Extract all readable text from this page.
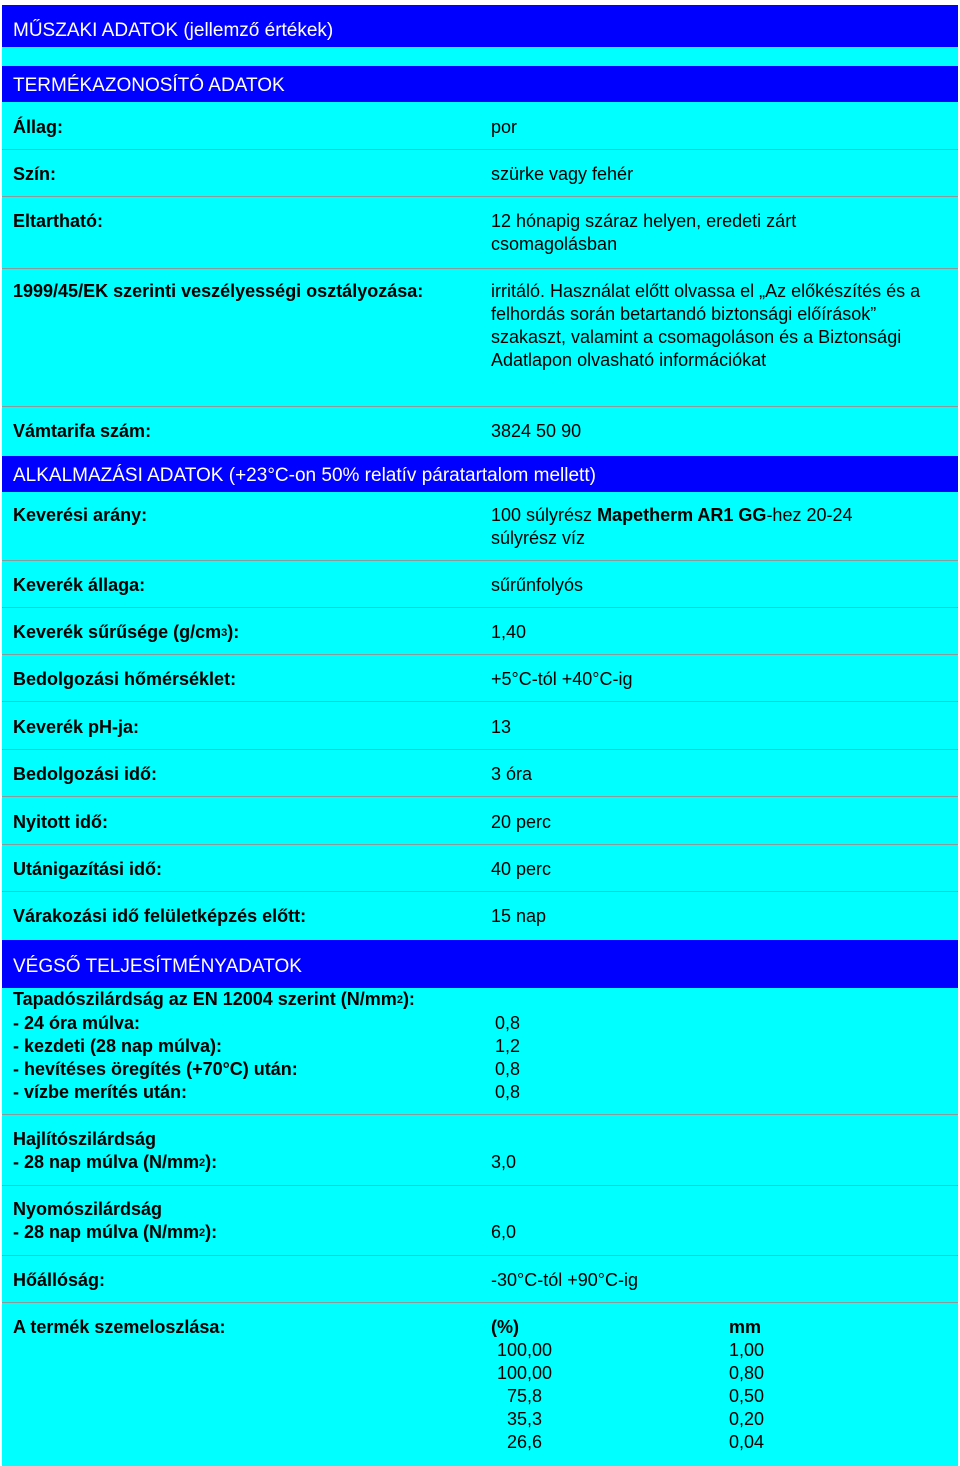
MŰSZAKI ADATOK (jellemző értékek)
TERMÉKAZONOSÍTÓ ADATOK
Állag:	por
Szín:	szürke vagy fehér
Eltartható:	12 hónapig száraz helyen, eredeti zárt csomagolásban
1999/45/EK szerinti veszélyességi osztályozása:	irritáló. Használat előtt olvassa el „Az előkészítés és a felhordás során betartandó biztonsági előírások” szakaszt, valamint a csomagoláson és a Biztonsági Adatlapon olvasható információkat
Vámtarifa szám:	3824 50 90
ALKALMAZÁSI ADATOK (+23°C-on 50% relatív páratartalom mellett)
Keverési arány:	100 súlyrész Mapetherm AR1 GG-hez 20-24 súlyrész víz
Keverék állaga:	sűrűnfolyós
Keverék sűrűsége $(g/cm^3)$:	1,40
Bedolgozási hőmérséklet:	+5°C-tól +40°C-ig
Keverék pH-ja:	13
Bedolgozási idő:	3 óra
Nyitott idő:	20 perc
Utánigazítási idő:	40 perc
Várakozási idő felületképzés előtt:	15 nap
VÉGSŐ TELJESÍTMÉNYADATOK
Tapadószilárdság az EN 12004 szerint $(N/mm^2)$:
- 24 óra múlva:	0,8
- kezdeti (28 nap múlva):	1,2
- hevítéses öregítés (+70°C) után:	0,8
- vízbe merítés után:	0,8
Hajlítószilárdság
- 28 nap múlva $(N/mm^2)$:	3,0
Nyomószilárdság
- 28 nap múlva $(N/mm^2)$:	6,0
Hőállóság:	-30°C-tól +90°C-ig
A termék szemeloszlása:	(%)	mm
100,00	1,00
100,00	0,80
75,8	0,50
35,3	0,20
26,6	0,04
